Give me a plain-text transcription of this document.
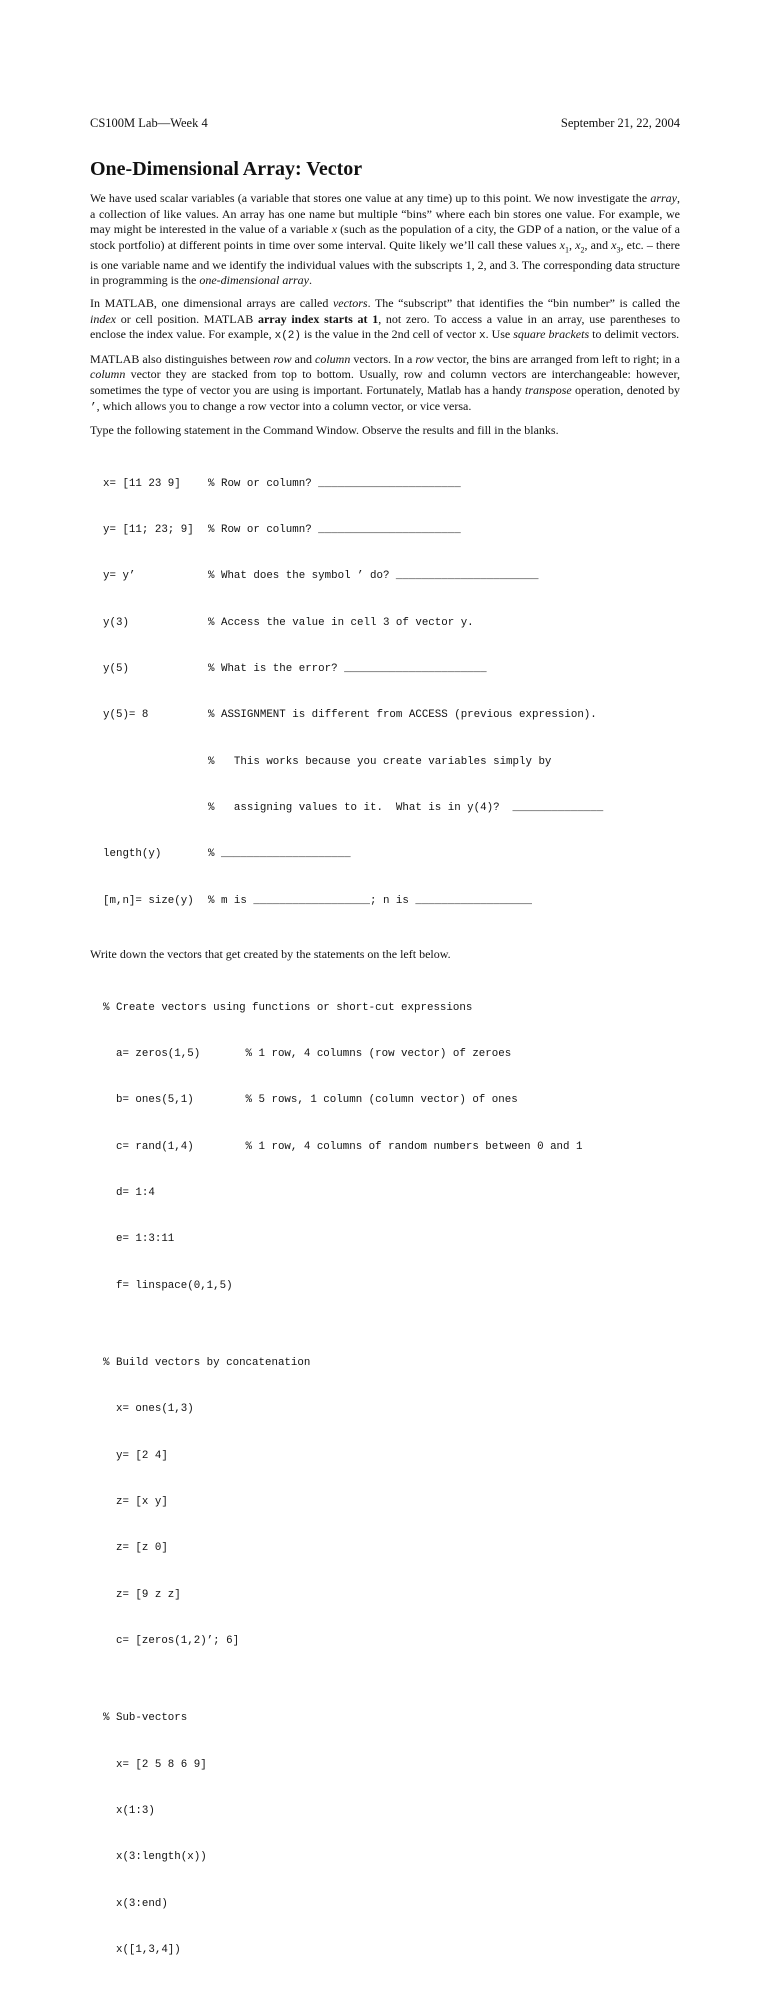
CS100M Lab—Week 4	September 21, 22, 2004
One-Dimensional Array: Vector

We have used scalar variables (a variable that stores one value at any time) up to this point. We now investigate the array, a collection of like values. An array has one name but multiple “bins” where each bin stores one value. For example, we may might be interested in the value of a variable x (such as the population of a city, the GDP of a nation, or the value of a stock portfolio) at different points in time over some interval. Quite likely we’ll call these values $x_1$, $x_2$, and $x_3$, etc. – there is one variable name and we identify the individual values with the subscripts 1, 2, and 3. The corresponding data structure in programming is the one-dimensional array.

In MATLAB, one dimensional arrays are called vectors. The “subscript” that identifies the “bin number” is called the index or cell position. MATLAB array index starts at 1, not zero. To access a value in an array, use parentheses to enclose the index value. For example, x(2) is the value in the 2nd cell of vector x. Use square brackets to delimit vectors.

MATLAB also distinguishes between row and column vectors. In a row vector, the bins are arranged from left to right; in a column vector they are stacked from top to bottom. Usually, row and column vectors are interchangeable: however, sometimes the type of vector you are using is important. Fortunately, Matlab has a handy transpose operation, denoted by ’, which allows you to change a row vector into a column vector, or vice versa.

Type the following statement in the Command Window. Observe the results and fill in the blanks.

x= [11 23 9]	% Row or column? ______________________

y= [11; 23; 9] % Row or column? ______________________

y= y’	% What does the symbol ’ do? ______________________

y(3)	% Access the value in cell 3 of vector y.

y(5)	% What is the error? ______________________

y(5)= 8	% ASSIGNMENT is different from ACCESS (previous expression).

%   This works because you create variables simply by

%   assigning values to it.  What is in y(4)?  ______________

length(y)	% ____________________

[m,n]= size(y) % m is __________________; n is __________________

Write down the vectors that get created by the statements on the left below.

% Create vectors using functions or short-cut expressions

a= zeros(1,5)       % 1 row, 4 columns (row vector) of zeroes

b= ones(5,1)        % 5 rows, 1 column (column vector) of ones

c= rand(1,4)        % 1 row, 4 columns of random numbers between 0 and 1

d= 1:4

e= 1:3:11

f= linspace(0,1,5)

% Build vectors by concatenation

x= ones(1,3)

y= [2 4]

z= [x y]

z= [z 0]

z= [9 z z]

c= [zeros(1,2)’; 6]

% Sub-vectors

x= [2 5 8 6 9]

x(1:3)

x(3:length(x))

x(3:end)

x([1,3,4])
